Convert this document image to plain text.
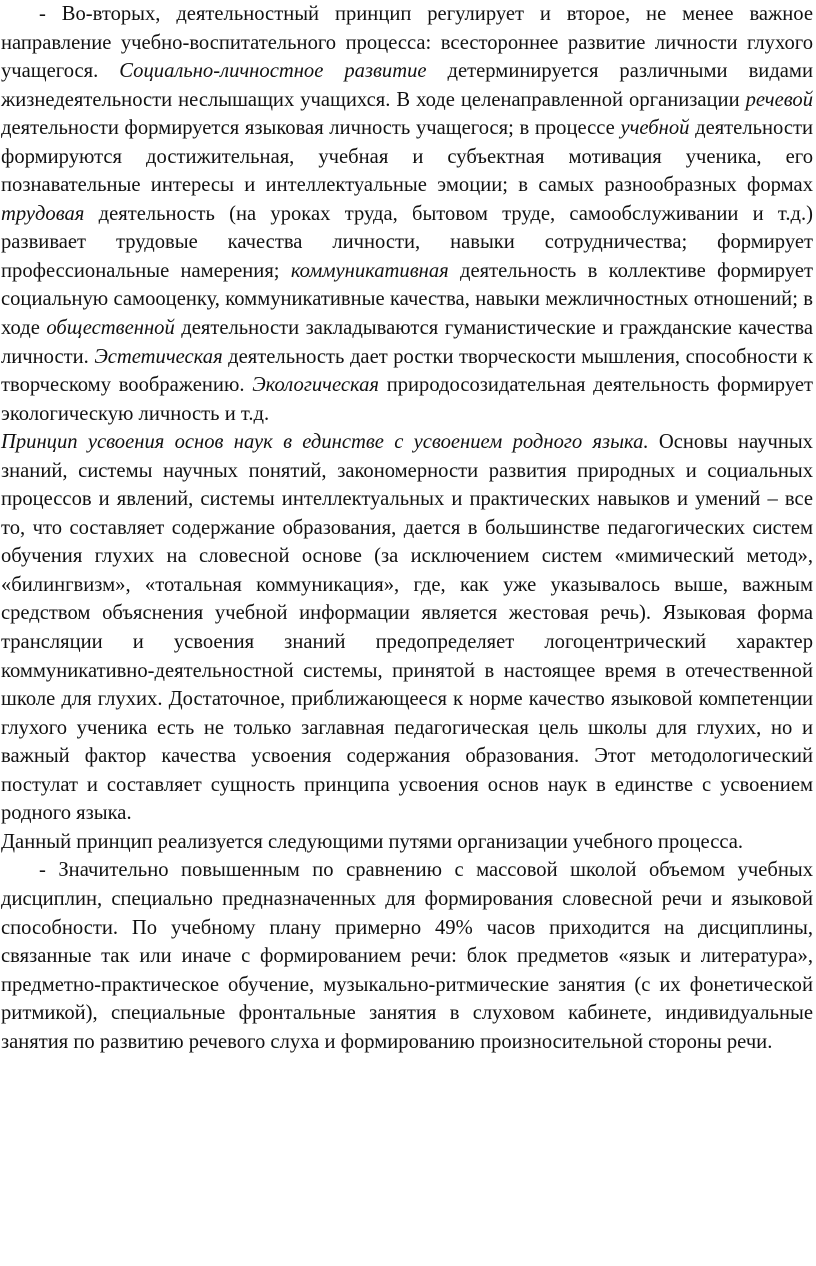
- Во-вторых, деятельностный принцип регулирует и второе, не менее важное направление учебно-воспитательного процесса: всестороннее развитие личности глухого учащегося. Социально-личностное развитие детерминируется различными видами жизнедеятельности неслышащих учащихся. В ходе целенаправленной организации речевой деятельности формируется языковая личность учащегося; в процессе учебной деятельности формируются достижительная, учебная и субъектная мотивация ученика, его познавательные интересы и интеллектуальные эмоции; в самых разнообразных формах трудовая деятельность (на уроках труда, бытовом труде, самообслуживании и т.д.) развивает трудовые качества личности, навыки сотрудничества; формирует профессиональные намерения; коммуникативная деятельность в коллективе формирует социальную самооценку, коммуникативные качества, навыки межличностных отношений; в ходе общественной деятельности закладываются гуманистические и гражданские качества личности. Эстетическая деятельность дает ростки творческости мышления, способности к творческому воображению. Экологическая природосозидательная деятельность формирует экологическую личность и т.д.

Принцип усвоения основ наук в единстве с усвоением родного языка. Основы научных знаний, системы научных понятий, закономерности развития природных и социальных процессов и явлений, системы интеллектуальных и практических навыков и умений – все то, что составляет содержание образования, дается в большинстве педагогических систем обучения глухих на словесной основе (за исключением систем «мимический метод», «билингвизм», «тотальная коммуникация», где, как уже указывалось выше, важным средством объяснения учебной информации является жестовая речь). Языковая форма трансляции и усвоения знаний предопределяет логоцентрический характер коммуникативно-деятельностной системы, принятой в настоящее время в отечественной школе для глухих. Достаточное, приближающееся к норме качество языковой компетенции глухого ученика есть не только заглавная педагогическая цель школы для глухих, но и важный фактор качества усвоения содержания образования. Этот методологический постулат и составляет сущность принципа усвоения основ наук в единстве с усвоением родного языка.

Данный принцип реализуется следующими путями организации учебного процесса.

- Значительно повышенным по сравнению с массовой школой объемом учебных дисциплин, специально предназначенных для формирования словесной речи и языковой способности. По учебному плану примерно 49% часов приходится на дисциплины, связанные так или иначе с формированием речи: блок предметов «язык и литература», предметно-практическое обучение, музыкально-ритмические занятия (с их фонетической ритмикой), специальные фронтальные занятия в слуховом кабинете, индивидуальные занятия по развитию речевого слуха и формированию произносительной стороны речи.
